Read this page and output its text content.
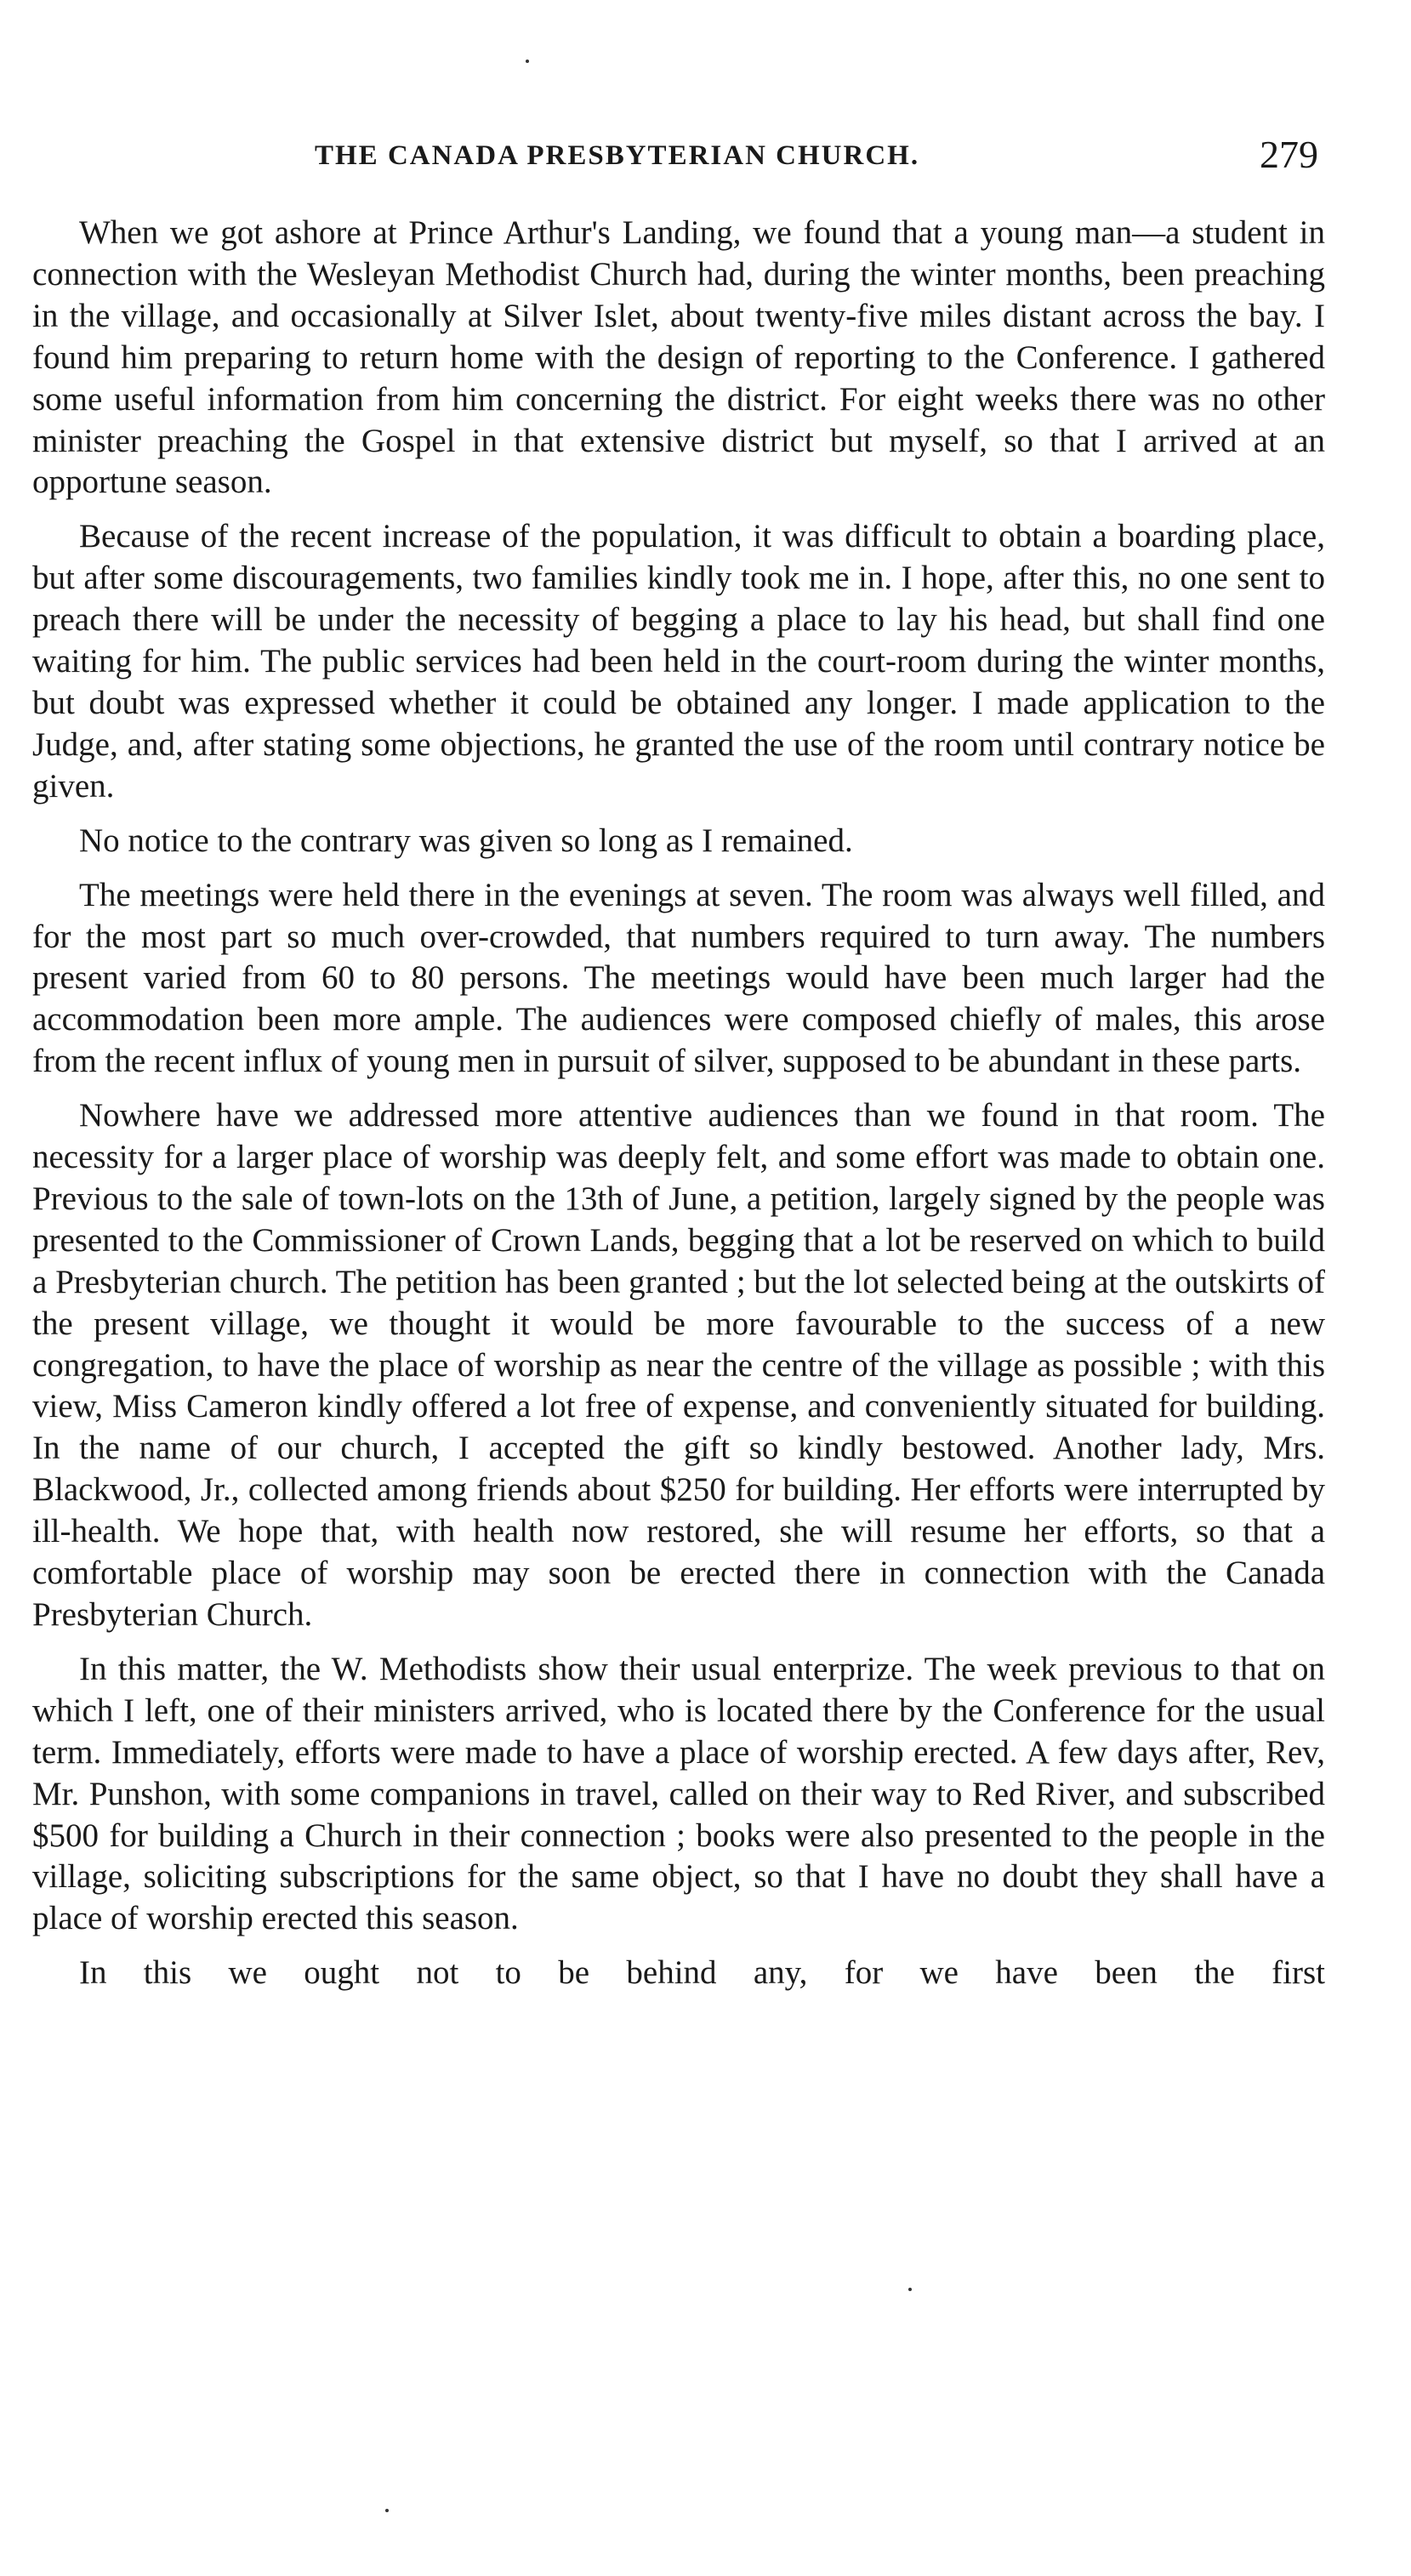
THE CANADA PRESBYTERIAN CHURCH.	279

When we got ashore at Prince Arthur's Landing, we found that a young man—a student in connection with the Wesleyan Methodist Church had, during the winter months, been preaching in the village, and occasionally at Silver Islet, about twenty-five miles distant across the bay. I found him preparing to return home with the design of reporting to the Conference. I gathered some useful information from him concerning the district. For eight weeks there was no other minister preaching the Gospel in that extensive district but myself, so that I arrived at an opportune season.

Because of the recent increase of the population, it was difficult to obtain a boarding place, but after some discouragements, two families kindly took me in. I hope, after this, no one sent to preach there will be under the necessity of begging a place to lay his head, but shall find one waiting for him. The public services had been held in the court-room during the winter months, but doubt was expressed whether it could be obtained any longer. I made application to the Judge, and, after stating some objections, he granted the use of the room until contrary notice be given.

No notice to the contrary was given so long as I remained.

The meetings were held there in the evenings at seven. The room was always well filled, and for the most part so much over-crowded, that numbers required to turn away. The numbers present varied from 60 to 80 persons. The meetings would have been much larger had the accommodation been more ample. The audiences were composed chiefly of males, this arose from the recent influx of young men in pursuit of silver, supposed to be abundant in these parts.

Nowhere have we addressed more attentive audiences than we found in that room. The necessity for a larger place of worship was deeply felt, and some effort was made to obtain one. Previous to the sale of town-lots on the 13th of June, a petition, largely signed by the people was presented to the Commissioner of Crown Lands, begging that a lot be reserved on which to build a Presbyterian church. The petition has been granted ; but the lot selected being at the outskirts of the present village, we thought it would be more favourable to the success of a new congregation, to have the place of worship as near the centre of the village as possible ; with this view, Miss Cameron kindly offered a lot free of expense, and conveniently situated for building. In the name of our church, I accepted the gift so kindly bestowed. Another lady, Mrs. Blackwood, Jr., collected among friends about $250 for building. Her efforts were interrupted by ill-health. We hope that, with health now restored, she will resume her efforts, so that a comfortable place of worship may soon be erected there in connection with the Canada Presbyterian Church.

In this matter, the W. Methodists show their usual enterprize. The week previous to that on which I left, one of their ministers arrived, who is located there by the Conference for the usual term. Immediately, efforts were made to have a place of worship erected. A few days after, Rev, Mr. Punshon, with some companions in travel, called on their way to Red River, and subscribed $500 for building a Church in their connection ; books were also presented to the people in the village, soliciting subscriptions for the same object, so that I have no doubt they shall have a place of worship erected this season.

In this we ought not to be behind any, for we have been the first
